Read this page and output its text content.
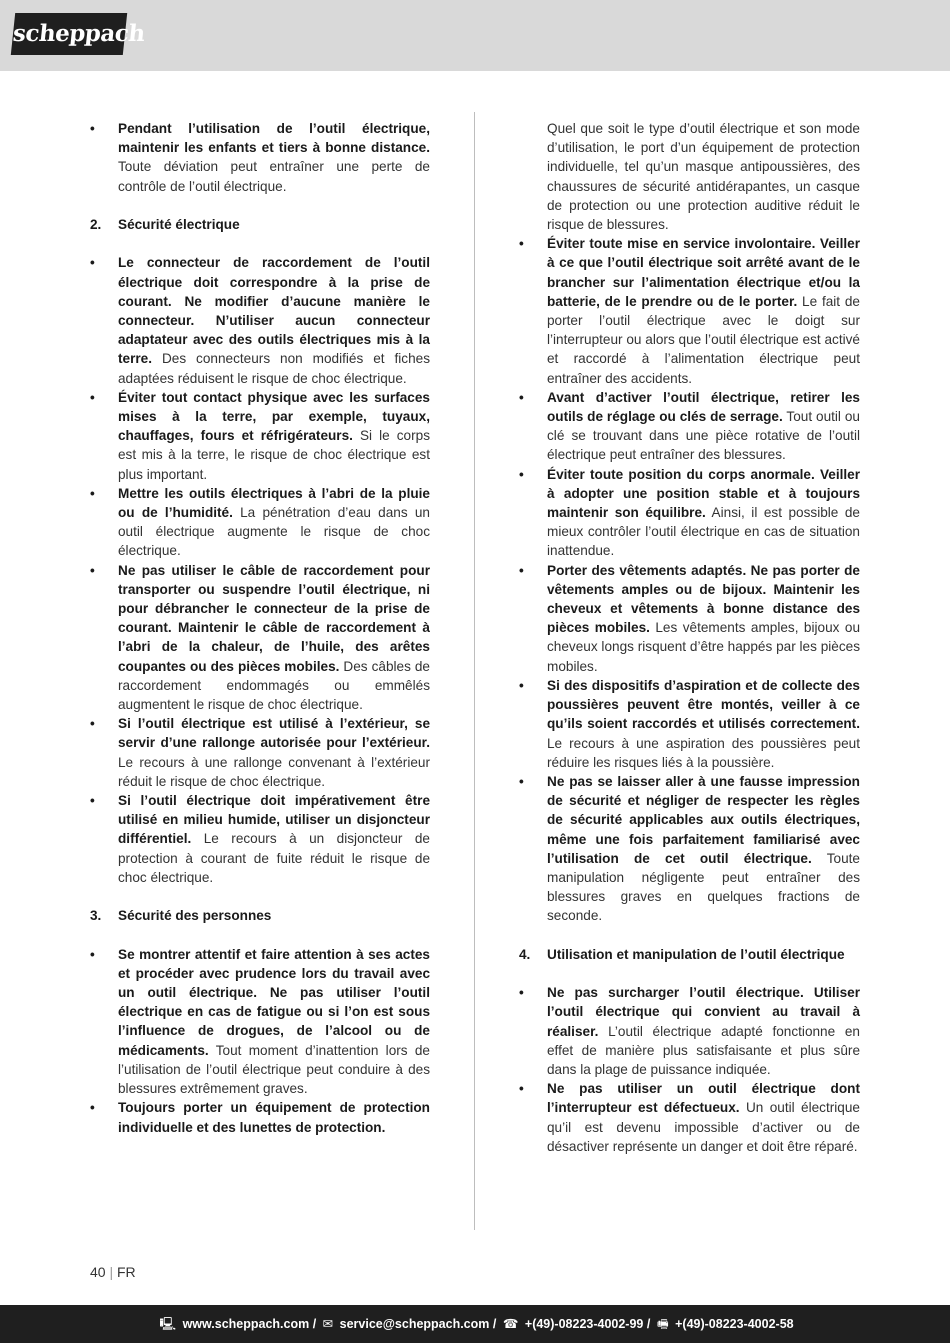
scheppach

•	Pendant l’utilisation de l’outil électrique, maintenir les enfants et tiers à bonne distance. Toute déviation peut entraîner une perte de contrôle de l’outil électrique.

2.	Sécurité électrique

•	Le connecteur de raccordement de l’outil électrique doit correspondre à la prise de courant. Ne modifier d’aucune manière le connecteur. N’utiliser aucun connecteur adaptateur avec des outils électriques mis à la terre. Des connecteurs non modifiés et fiches adaptées réduisent le risque de choc électrique.

•	Éviter tout contact physique avec les surfaces mises à la terre, par exemple, tuyaux, chauffages, fours et réfrigérateurs. Si le corps est mis à la terre, le risque de choc électrique est plus important.

•	Mettre les outils électriques à l’abri de la pluie ou de l’humidité. La pénétration d’eau dans un outil électrique augmente le risque de choc électrique.

•	Ne pas utiliser le câble de raccordement pour transporter ou suspendre l’outil électrique, ni pour débrancher le connecteur de la prise de courant. Maintenir le câble de raccordement à l’abri de la chaleur, de l’huile, des arêtes coupantes ou des pièces mobiles. Des câbles de raccordement endommagés ou emmêlés augmentent le risque de choc électrique.

•	Si l’outil électrique est utilisé à l’extérieur, se servir d’une rallonge autorisée pour l’extérieur. Le recours à une rallonge convenant à l’extérieur réduit le risque de choc électrique.

•	Si l’outil électrique doit impérativement être utilisé en milieu humide, utiliser un disjoncteur différentiel. Le recours à un disjoncteur de protection à courant de fuite réduit le risque de choc électrique.

3.	Sécurité des personnes

•	Se montrer attentif et faire attention à ses actes et procéder avec prudence lors du travail avec un outil électrique. Ne pas utiliser l’outil électrique en cas de fatigue ou si l’on est sous l’influence de drogues, de l’alcool ou de médicaments. Tout moment d’inattention lors de l’utilisation de l’outil électrique peut conduire à des blessures extrêmement graves.

•	Toujours porter un équipement de protection individuelle et des lunettes de protection.

Quel que soit le type d’outil électrique et son mode d’utilisation, le port d’un équipement de protection individuelle, tel qu’un masque antipoussières, des chaussures de sécurité antidérapantes, un casque de protection ou une protection auditive réduit le risque de blessures.

•	Éviter toute mise en service involontaire. Veiller à ce que l’outil électrique soit arrêté avant de le brancher sur l’alimentation électrique et/ou la batterie, de le prendre ou de le porter. Le fait de porter l’outil électrique avec le doigt sur l’interrupteur ou alors que l’outil électrique est activé et raccordé à l’alimentation électrique peut entraîner des accidents.

•	Avant d’activer l’outil électrique, retirer les outils de réglage ou clés de serrage. Tout outil ou clé se trouvant dans une pièce rotative de l’outil électrique peut entraîner des blessures.

•	Éviter toute position du corps anormale. Veiller à adopter une position stable et à toujours maintenir son équilibre. Ainsi, il est possible de mieux contrôler l’outil électrique en cas de situation inattendue.

•	Porter des vêtements adaptés. Ne pas porter de vêtements amples ou de bijoux. Maintenir les cheveux et vêtements à bonne distance des pièces mobiles. Les vêtements amples, bijoux ou cheveux longs risquent d’être happés par les pièces mobiles.

•	Si des dispositifs d’aspiration et de collecte des poussières peuvent être montés, veiller à ce qu’ils soient raccordés et utilisés correctement. Le recours à une aspiration des poussières peut réduire les risques liés à la poussière.

•	Ne pas se laisser aller à une fausse impression de sécurité et négliger de respecter les règles de sécurité applicables aux outils électriques, même une fois parfaitement familiarisé avec l’utilisation de cet outil électrique. Toute manipulation négligente peut entraîner des blessures graves en quelques fractions de seconde.

4.	Utilisation et manipulation de l’outil électrique

•	Ne pas surcharger l’outil électrique. Utiliser l’outil électrique qui convient au travail à réaliser. L’outil électrique adapté fonctionne en effet de manière plus satisfaisante et plus sûre dans la plage de puissance indiquée.

•	Ne pas utiliser un outil électrique dont l’interrupteur est défectueux. Un outil électrique qu’il est devenu impossible d’activer ou de désactiver représente un danger et doit être réparé.

40 | FR
🖳 www.scheppach.com / ✉ service@scheppach.com / ☎ +(49)-08223-4002-99 / 🖷 +(49)-08223-4002-58
